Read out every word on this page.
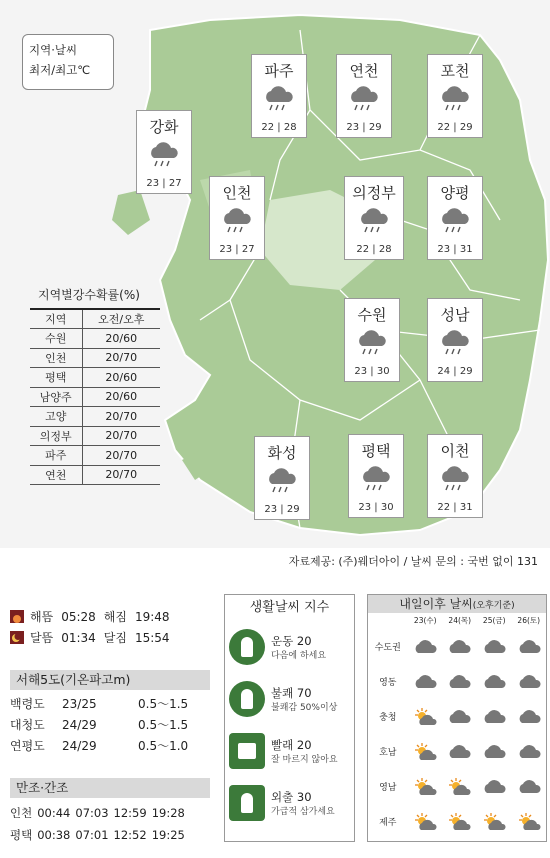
지역·날씨
최저/최고℃
강화
23 | 27
파주
22 | 28
연천
23 | 29
포천
22 | 29
인천
23 | 27
의정부
22 | 28
양평
23 | 31
수원
23 | 30
성남
24 | 29
화성
23 | 29
평택
23 | 30
이천
22 | 31
지역별강수확률(%)
지역	오전/오후
수원	20/60
인천	20/70
평택	20/60
남양주	20/60
고양	20/70
의정부	20/70
파주	20/70
연천	20/70
자료제공: (주)웨더아이 / 날씨 문의 : 국번 없이 131
해뜸 05:28 해짐 19:48
달뜸 01:34 달짐 15:54
서해5도(기온파고m)
백령도	23/25	0.5～1.5
대청도	24/29	0.5～1.5
연평도	24/29	0.5～1.0
만조·간조
인천 00:44 07:03 12:59 19:28
평택 00:38 07:01 12:52 19:25
생활날씨 지수
운동 20
다음에 하세요
불쾌 70
불쾌감 50%이상
빨래 20
잘 마르지 않아요
외출 30
가급적 삼가세요
내일이후 날씨(오후기준)
23(수)	24(목)	25(금)	26(토)
수도권
영동
충청
호남
영남
제주
